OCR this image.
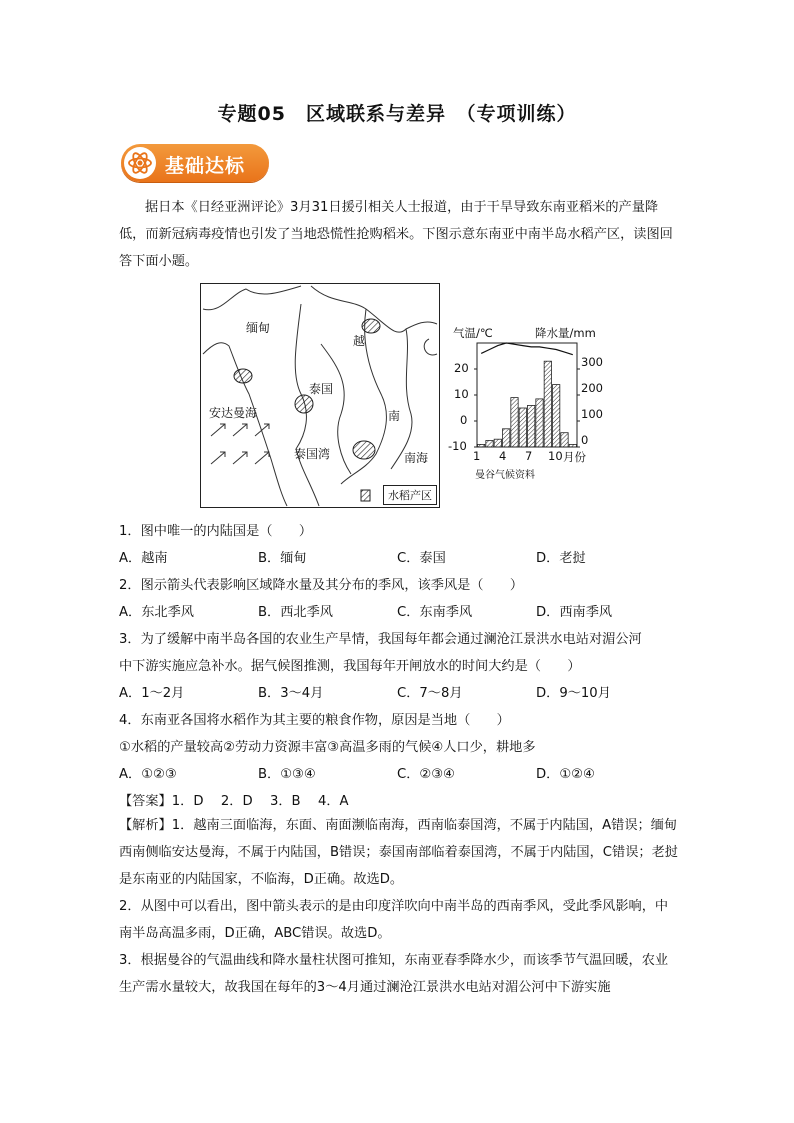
专题05　区域联系与差异　（专项训练）
基础达标
据日本《日经亚洲评论》3月31日援引相关人士报道，由于干旱导致东南亚稻米的产量降低，而新冠病毒疫情也引发了当地恐慌性抢购稻米。下图示意东南亚中南半岛水稻产区，读图回答下面小题。
缅甸
越
泰国
安达曼海	南
泰国湾	南海
水稻产区
气温/℃	降水量/mm
20
10
0
-10
300
200
100
0
1 4 7 10 月份
曼谷气候资料
1．图中唯一的内陆国是（　　）
A．越南	B．缅甸	C．泰国	D．老挝
2．图示箭头代表影响区域降水量及其分布的季风，该季风是（　　）
A．东北季风	B．西北季风	C．东南季风	D．西南季风
3．为了缓解中南半岛各国的农业生产旱情，我国每年都会通过澜沧江景洪水电站对湄公河
中下游实施应急补水。据气候图推测，我国每年开闸放水的时间大约是（　　）
A．1～2月	B．3～4月	C．7～8月	D．9～10月
4．东南亚各国将水稻作为其主要的粮食作物，原因是当地（　　）
①水稻的产量较高②劳动力资源丰富③高温多雨的气候④人口少，耕地多
A．①②③	B．①③④	C．②③④	D．①②④
【答案】1．D　 2．D　 3．B　 4．A
【解析】1．越南三面临海，东面、南面濒临南海，西南临泰国湾，不属于内陆国，A错误；缅甸西南侧临安达曼海，不属于内陆国，B错误；泰国南部临着泰国湾，不属于内陆国，C错误；老挝是东南亚的内陆国家，不临海，D正确。故选D。
2．从图中可以看出，图中箭头表示的是由印度洋吹向中南半岛的西南季风，受此季风影响，中南半岛高温多雨，D正确，ABC错误。故选D。
3．根据曼谷的气温曲线和降水量柱状图可推知，东南亚春季降水少，而该季节气温回暖，农业生产需水量较大，故我国在每年的3～4月通过澜沧江景洪水电站对湄公河中下游实施
